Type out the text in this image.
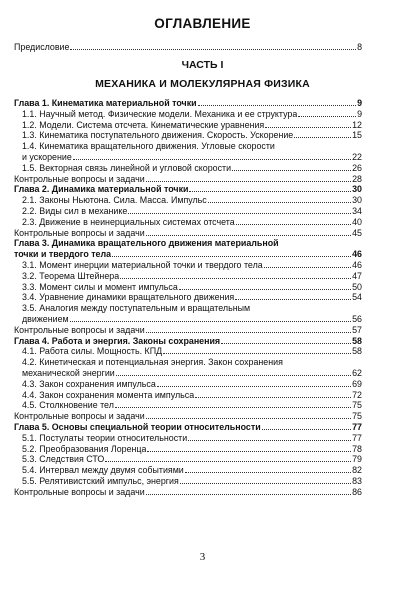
ОГЛАВЛЕНИЕ
Предисловие	8
ЧАСТЬ I
МЕХАНИКА И МОЛЕКУЛЯРНАЯ ФИЗИКА
Глава 1. Кинематика материальной точки	9
1.1. Научный метод. Физические модели. Механика и ее структура	9
1.2. Модели. Система отсчета. Кинематические уравнения	12
1.3. Кинематика поступательного движения. Скорость. Ускорение	15
1.4. Кинематика вращательного движения. Угловые скорости
и ускорение	22
1.5. Векторная связь линейной и угловой скорости	26
Контрольные вопросы и задачи	28
Глава 2. Динамика материальной точки	30
2.1. Законы Ньютона. Сила. Масса. Импульс	30
2.2. Виды сил в механике	34
2.3. Движение в неинерциальных системах отсчета	40
Контрольные вопросы и задачи	45
Глава 3. Динамика вращательного движения материальной
точки и твердого тела	46
3.1. Момент инерции материальной точки и твердого тела	46
3.2. Теорема Штейнера	47
3.3. Момент силы и момент импульса	50
3.4. Уравнение динамики вращательного движения	54
3.5. Аналогия между поступательным и вращательным
движением	56
Контрольные вопросы и задачи	57
Глава 4. Работа и энергия. Законы сохранения	58
4.1. Работа силы. Мощность. КПД	58
4.2. Кинетическая и потенциальная энергия. Закон сохранения
механической энергии	62
4.3. Закон сохранения импульса	69
4.4. Закон сохранения момента импульса	72
4.5. Столкновение тел	75
Контрольные вопросы и задачи	75
Глава 5. Основы специальной теории относительности	77
5.1. Постулаты теории относительности	77
5.2. Преобразования Лоренца	78
5.3. Следствия СТО	79
5.4. Интервал между двумя событиями	82
5.5. Релятивистский импульс, энергия	83
Контрольные вопросы и задачи	86
3
